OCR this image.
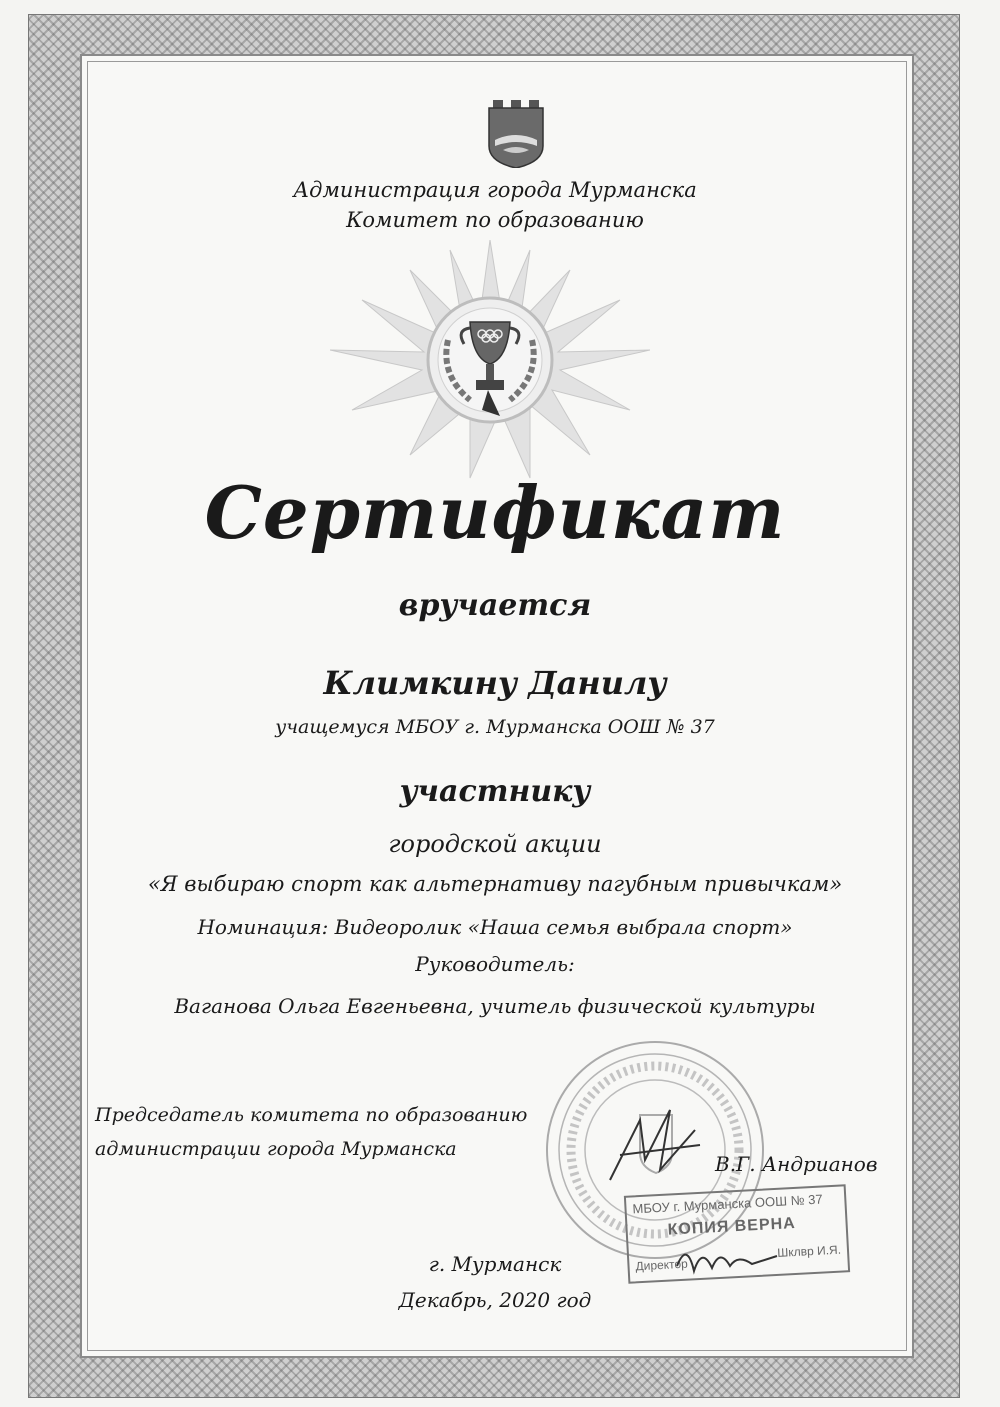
Администрация города Мурманска
Комитет по образованию
Сертификат
вручается
Климкину Данилу
учащемуся МБОУ г. Мурманска ООШ № 37
участнику
городской акции
«Я выбираю спорт как альтернативу пагубным привычкам»
Номинация: Видеоролик «Наша семья выбрала спорт»
Руководитель:
Ваганова Ольга Евгеньевна, учитель физической культуры
Председатель комитета по образованию
администрации города Мурманска
В.Г. Андрианов
МБОУ г. Мурманска ООШ № 37
КОПИЯ ВЕРНА
Директор
Шклвр И.Я.
г. Мурманск
Декабрь, 2020 год
